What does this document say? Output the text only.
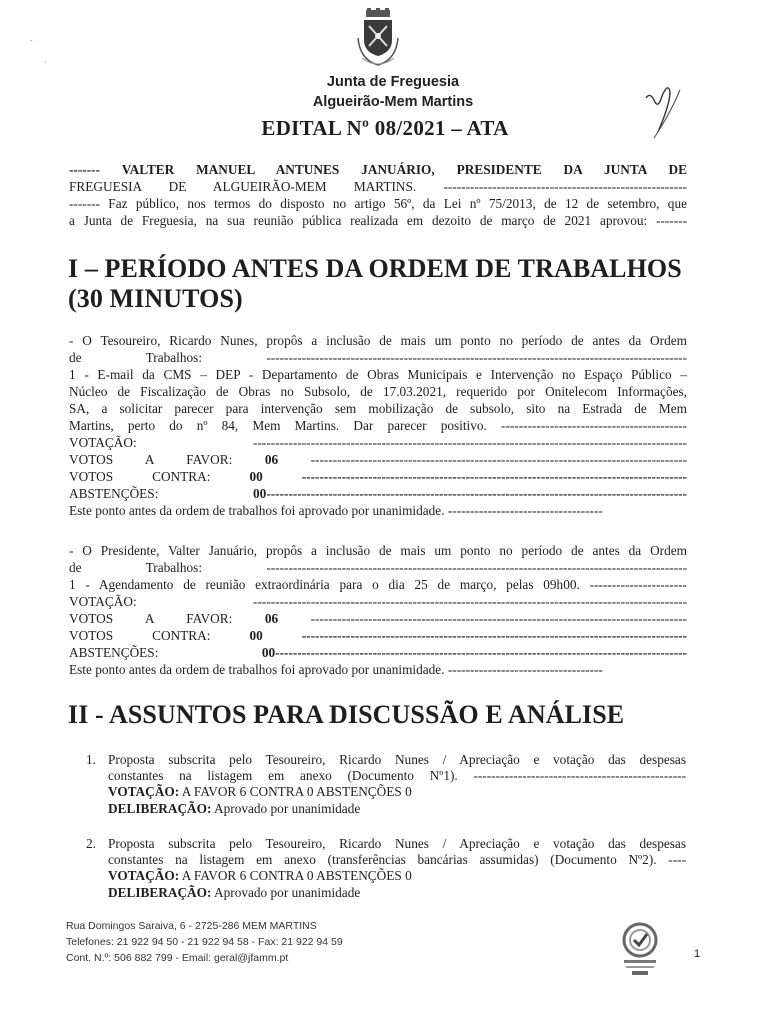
Junta de Freguesia
Algueirão-Mem Martins
EDITAL Nº 08/2021 – ATA
-
·

------- VALTER MANUEL ANTUNES JANUÁRIO, PRESIDENTE DA JUNTA DE

FREGUESIA DE ALGUEIRÃO-MEM MARTINS. -------------------------------------------------------

------- Faz público, nos termos do disposto no artigo 56º, da Lei nº 75/2013, de 12 de setembro, que

a Junta de Freguesia, na sua reunião pública realizada em dezoito de março de 2021 aprovou: -------

I – PERÍODO ANTES DA ORDEM DE TRABALHOS
(30 MINUTOS)

- O Tesoureiro, Ricardo Nunes, propôs a inclusão de mais um ponto no período de antes da Ordem

de Trabalhos: -----------------------------------------------------------------------------------------------

1 - E-mail da CMS – DEP - Departamento de Obras Municipais e Intervenção no Espaço Público –

Núcleo de Fiscalização de Obras no Subsolo, de 17.03.2021, requerido por Onitelecom Informações,

SA, a solicitar parecer para intervenção sem mobilização de subsolo, sito na Estrada de Mem

Martins, perto do nº 84, Mem Martins. Dar parecer positivo. ------------------------------------------

VOTAÇÃO: --------------------------------------------------------------------------------------------------

VOTOS A FAVOR: 06 -------------------------------------------------------------------------------------

VOTOS CONTRA: 00 ---------------------------------------------------------------------------------------

ABSTENÇÕES: 00-----------------------------------------------------------------------------------------------

Este ponto antes da ordem de trabalhos foi aprovado por unanimidade. -----------------------------------

- O Presidente, Valter Januário, propôs a inclusão de mais um ponto no período de antes da Ordem

de Trabalhos: -----------------------------------------------------------------------------------------------

1 - Agendamento de reunião extraordinária para o dia 25 de março, pelas 09h00. ----------------------

VOTAÇÃO: --------------------------------------------------------------------------------------------------

VOTOS A FAVOR: 06 -------------------------------------------------------------------------------------

VOTOS CONTRA: 00 ---------------------------------------------------------------------------------------

ABSTENÇÕES: 00---------------------------------------------------------------------------------------------

Este ponto antes da ordem de trabalhos foi aprovado por unanimidade. -----------------------------------

II - ASSUNTOS PARA DISCUSSÃO E ANÁLISE
1. Proposta subscrita pelo Tesoureiro, Ricardo Nunes / Apreciação e votação das despesas
constantes na listagem em anexo (Documento Nº1). ------------------------------------------------
VOTAÇÃO: A FAVOR 6 CONTRA 0 ABSTENÇÕES 0
DELIBERAÇÃO: Aprovado por unanimidade
2. Proposta subscrita pelo Tesoureiro, Ricardo Nunes / Apreciação e votação das despesas
constantes na listagem em anexo (transferências bancárias assumidas) (Documento Nº2). ----
VOTAÇÃO: A FAVOR 6 CONTRA 0 ABSTENÇÕES 0
DELIBERAÇÃO: Aprovado por unanimidade
Rua Domingos Saraiva, 6 - 2725-286 MEM MARTINS
Telefones: 21 922 94 50 - 21 922 94 58 - Fax: 21 922 94 59
Cont. N.º: 506 882 799 - Email: geral@jfamm.pt	1
